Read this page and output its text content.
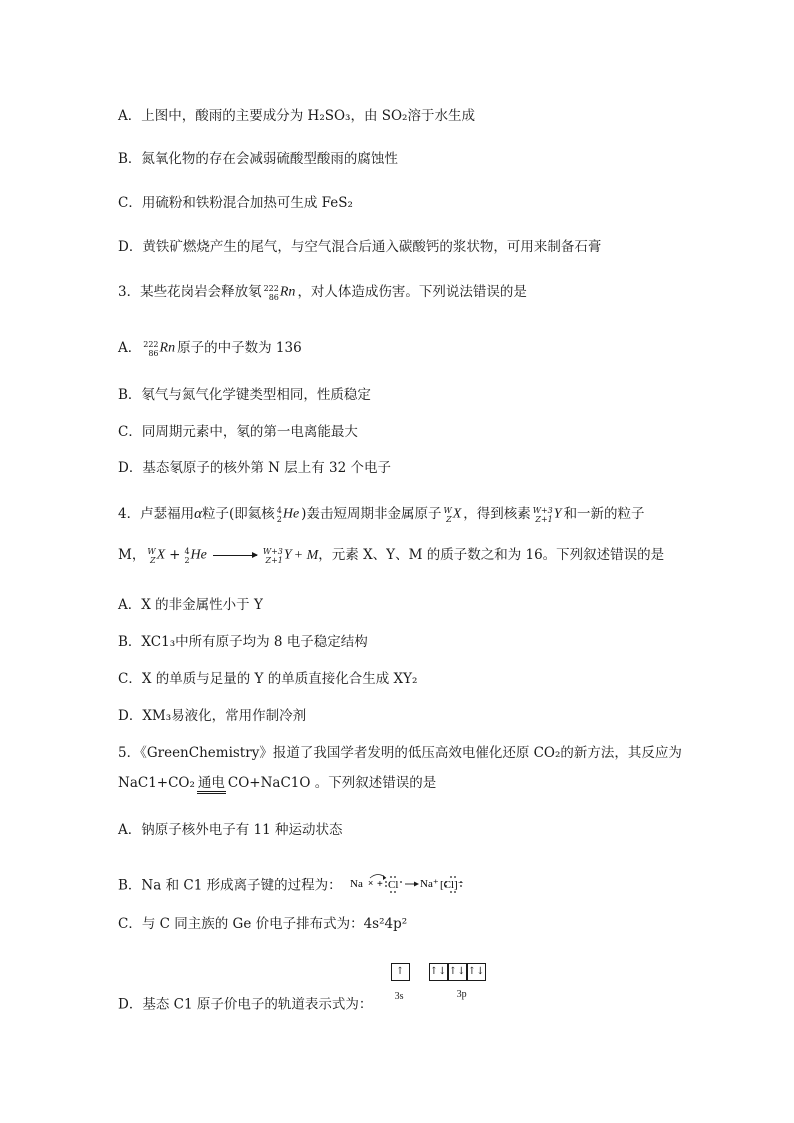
A．上图中，酸雨的主要成分为 H₂SO₃，由 SO₂溶于水生成
B．氮氧化物的存在会减弱硫酸型酸雨的腐蚀性
C．用硫粉和铁粉混合加热可生成 FeS₂
D．黄铁矿燃烧产生的尾气，与空气混合后通入碳酸钙的浆状物，可用来制备石膏
3．某些花岗岩会释放氡 222
86 Rn ，对人体造成伤害。下列说法错误的是
A． 222
86 Rn 原子的中子数为 136
B．氡气与氮气化学键类型相同，性质稳定
C．同周期元素中，氡的第一电离能最大
D．基态氡原子的核外第 N 层上有 32 个电子
4．卢瑟福用α粒子(即氦核 4
2 He )轰击短周期非金属原子 W
Z X ，得到核素 W+3
Z+1 Y 和一新的粒子
M， W
Z X + 4
2 He → W+3
Z+1 Y + M，元素 X、Y、M 的质子数之和为 16。下列叙述错误的是
A．X 的非金属性小于 Y
B．XC1₃中所有原子均为 8 电子稳定结构
C．X 的单质与足量的 Y 的单质直接化合生成 XY₂
D．XM₃易液化，常用作制冷剂
5．《GreenChemistry》报道了我国学者发明的低压高效电催化还原 CO₂的新方法，其反应为
NaC1+CO₂ 通电 CO+NaC1O 。下列叙述错误的是
A．钠原子核外电子有 11 种运动状态
B．Na 和 C1 形成离子键的过程为： Na × + Cl Na⁺ [Cl]⁻
C．与 C 同主族的 Ge 价电子排布式为：4s²4p²
D．基态 C1 原子价电子的轨道表示式为：
↑	↑↓ ↑↓ ↑↓
3s	3p
